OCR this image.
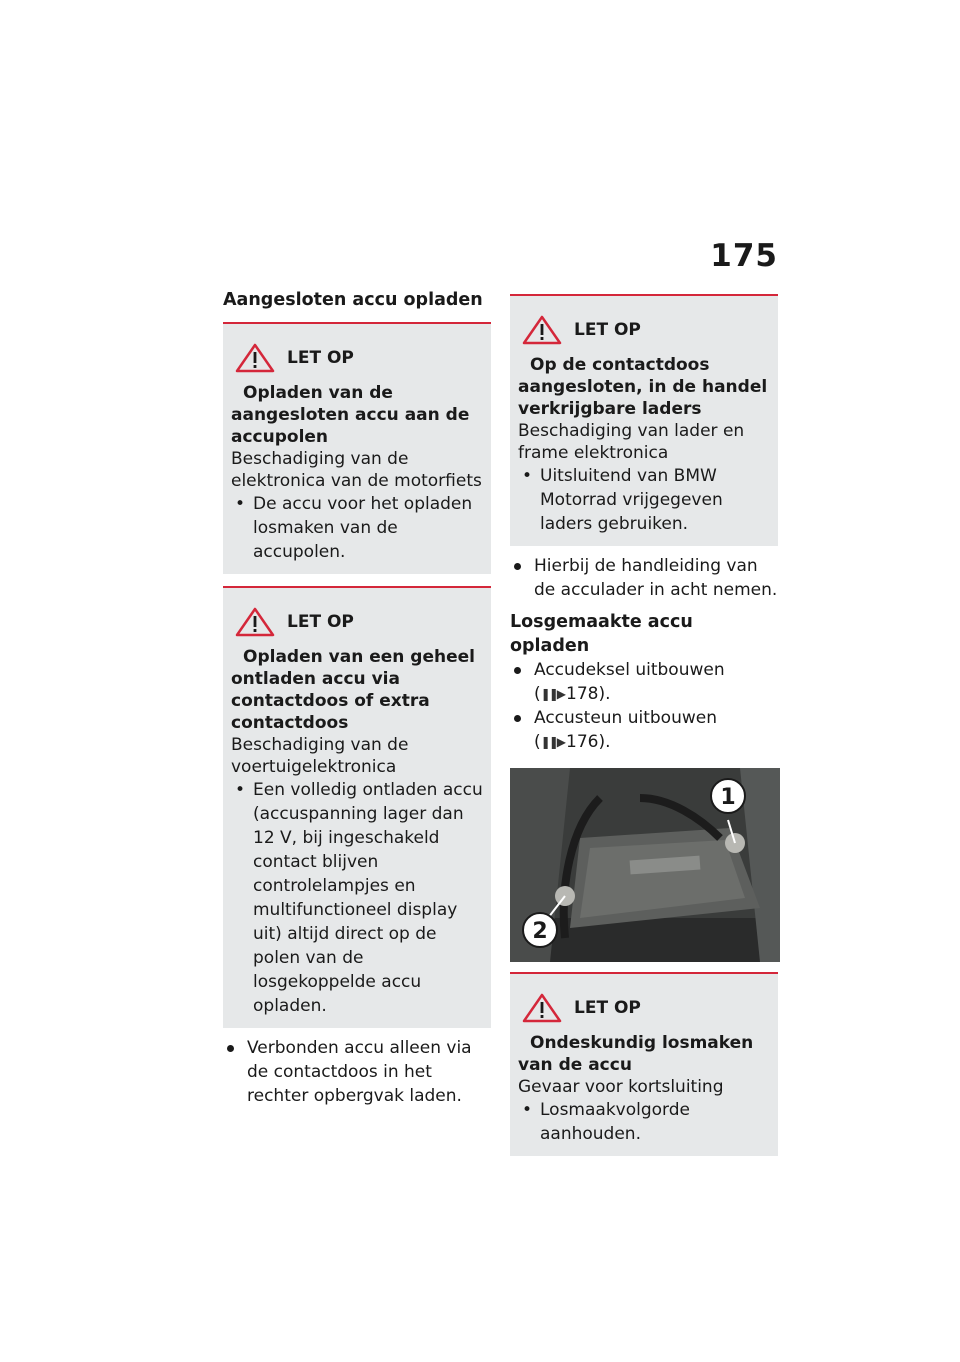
175
Aangesloten accu opladen
LET OP
Opladen van de aangesloten accu aan de accupolen
Beschadiging van de elektronica van de motorfiets
• De accu voor het opladen losmaken van de accupolen.
LET OP
Opladen van een geheel ontladen accu via contactdoos of extra contactdoos
Beschadiging van de voertuigelektronica
• Een volledig ontladen accu (accuspanning lager dan 12 V, bij ingeschakeld contact blijven controlelampjes en multifunctioneel display uit) altijd direct op de polen van de losgekoppelde accu opladen.
Verbonden accu alleen via de contactdoos in het rechter opbergvak laden.
LET OP
Op de contactdoos aangesloten, in de handel verkrijgbare laders
Beschadiging van lader en frame elektronica
• Uitsluitend van BMW Motorrad vrijgegeven laders gebruiken.
Hierbij de handleiding van de acculader in acht nemen.
Losgemaakte accu opladen
Accudeksel uitbouwen
(❚❚▶ 178).
Accusteun uitbouwen
(❚❚▶ 176).
1
2
LET OP
Ondeskundig losmaken van de accu
Gevaar voor kortsluiting
• Losmaakvolgorde aanhouden.
